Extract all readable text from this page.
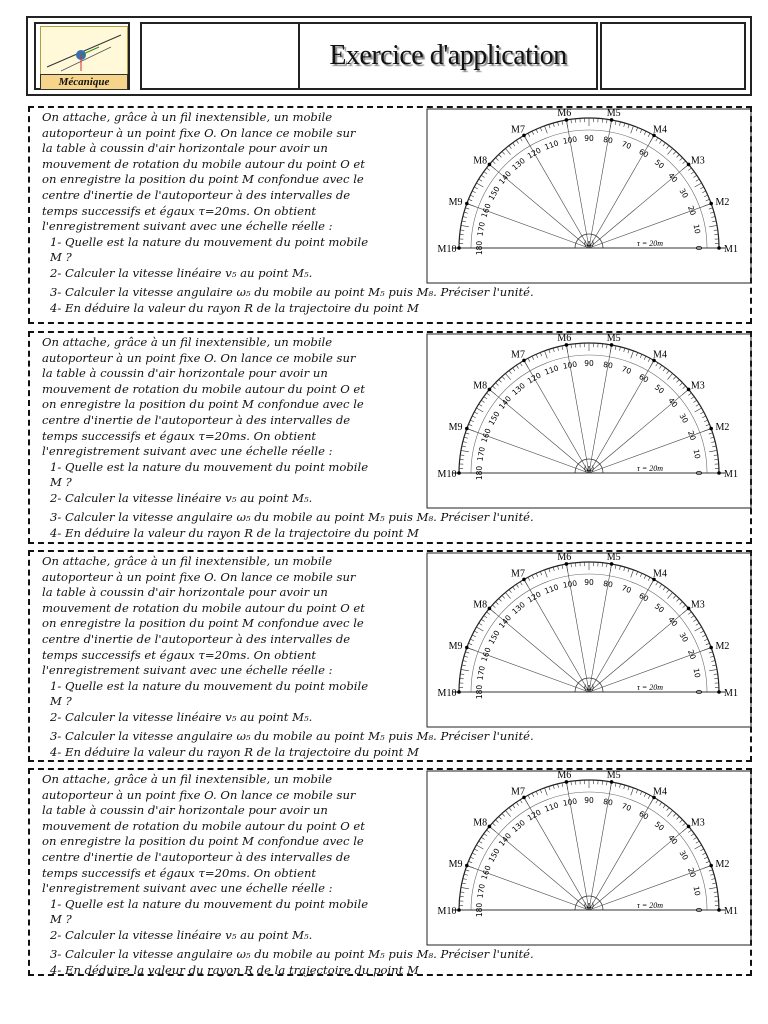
Mécanique
Exercice d'application

On attache, grâce à un fil inextensible, un mobile

autoporteur à un point fixe O. On lance ce mobile sur

la table à coussin d'air horizontale pour avoir un

mouvement de rotation du mobile autour du point O et

on enregistre la position du point M confondue avec le

centre d'inertie de l'autoporteur à des intervalles de

temps successifs et égaux τ=20ms. On obtient

l'enregistrement suivant avec une échelle réelle :

1- Quelle est la nature du mouvement du point mobile

M ?

2- Calculer la vitesse linéaire v₅ au point M₅.

3- Calculer la vitesse angulaire ω₅ du mobile au point M₅ puis M₈. Préciser l'unité.
4- En déduire la valeur du rayon R de la trajectoire du point M
M1
M2
M3
M4
M5
M6
M7
M8
M9
M10	0
10
20
30
40
50
60
70
80
90
100
110
120
130
140
150
160
170
180	(Δ)	τ = 20m

On attache, grâce à un fil inextensible, un mobile

autoporteur à un point fixe O. On lance ce mobile sur

la table à coussin d'air horizontale pour avoir un

mouvement de rotation du mobile autour du point O et

on enregistre la position du point M confondue avec le

centre d'inertie de l'autoporteur à des intervalles de

temps successifs et égaux τ=20ms. On obtient

l'enregistrement suivant avec une échelle réelle :

1- Quelle est la nature du mouvement du point mobile

M ?

2- Calculer la vitesse linéaire v₅ au point M₅.

3- Calculer la vitesse angulaire ω₅ du mobile au point M₅ puis M₈. Préciser l'unité.
4- En déduire la valeur du rayon R de la trajectoire du point M
M1
M2
M3
M4
M5
M6
M7
M8
M9
M10	0
10
20
30
40
50
60
70
80
90
100
110
120
130
140
150
160
170
180	(Δ)	τ = 20m

On attache, grâce à un fil inextensible, un mobile

autoporteur à un point fixe O. On lance ce mobile sur

la table à coussin d'air horizontale pour avoir un

mouvement de rotation du mobile autour du point O et

on enregistre la position du point M confondue avec le

centre d'inertie de l'autoporteur à des intervalles de

temps successifs et égaux τ=20ms. On obtient

l'enregistrement suivant avec une échelle réelle :

1- Quelle est la nature du mouvement du point mobile

M ?

2- Calculer la vitesse linéaire v₅ au point M₅.

3- Calculer la vitesse angulaire ω₅ du mobile au point M₅ puis M₈. Préciser l'unité.
4- En déduire la valeur du rayon R de la trajectoire du point M
M1
M2
M3
M4
M5
M6
M7
M8
M9
M10	0
10
20
30
40
50
60
70
80
90
100
110
120
130
140
150
160
170
180	(Δ)	τ = 20m

On attache, grâce à un fil inextensible, un mobile

autoporteur à un point fixe O. On lance ce mobile sur

la table à coussin d'air horizontale pour avoir un

mouvement de rotation du mobile autour du point O et

on enregistre la position du point M confondue avec le

centre d'inertie de l'autoporteur à des intervalles de

temps successifs et égaux τ=20ms. On obtient

l'enregistrement suivant avec une échelle réelle :

1- Quelle est la nature du mouvement du point mobile

M ?

2- Calculer la vitesse linéaire v₅ au point M₅.

3- Calculer la vitesse angulaire ω₅ du mobile au point M₅ puis M₈. Préciser l'unité.
4- En déduire la valeur du rayon R de la trajectoire du point M
M1
M2
M3
M4
M5
M6
M7
M8
M9
M10	0
10
20
30
40
50
60
70
80
90
100
110
120
130
140
150
160
170
180	(Δ)	τ = 20m
